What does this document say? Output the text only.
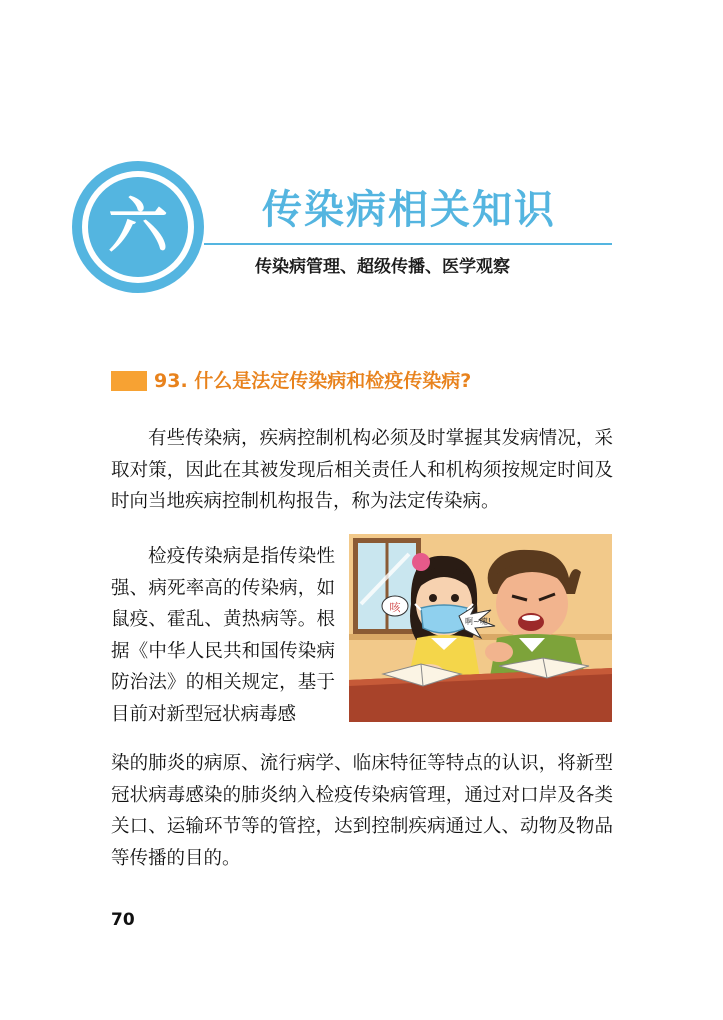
六 传染病相关知识
传染病管理、超级传播、医学观察
93. 什么是法定传染病和检疫传染病?

有些传染病，疾病控制机构必须及时掌握其发病情况，采取对策，因此在其被发现后相关责任人和机构须按规定时间及时向当地疾病控制机构报告，称为法定传染病。

检疫传染病是指传染性强、病死率高的传染病，如鼠疫、霍乱、黄热病等。根据《中华人民共和国传染病防治法》的相关规定，基于目前对新型冠状病毒感

染的肺炎的病原、流行病学、临床特征等特点的认识，将新型冠状病毒感染的肺炎纳入检疫传染病管理，通过对口岸及各类关口、运输环节等的管控，达到控制疾病通过人、动物及物品等传播的目的。

咳
啊~嚏!
70
